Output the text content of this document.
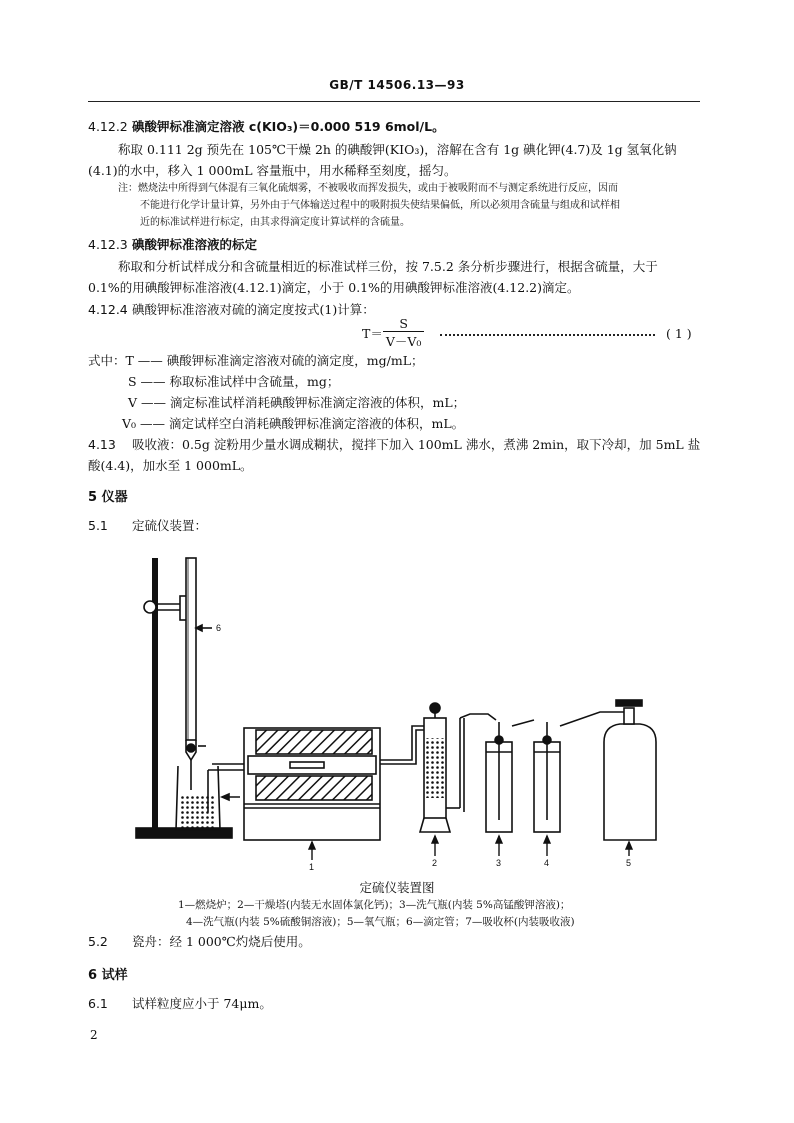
GB/T 14506.13—93
4.12.2 碘酸钾标准滴定溶液 c(KIO₃)＝0.000 519 6mol/L。
称取 0.111 2g 预先在 105℃干燥 2h 的碘酸钾(KIO₃)，溶解在含有 1g 碘化钾(4.7)及 1g 氢氧化钠
(4.1)的水中，移入 1 000mL 容量瓶中，用水稀释至刻度，摇匀。
注：燃烧法中所得到气体混有三氧化硫烟雾，不被吸收而挥发损失，或由于被吸附而不与测定系统进行反应，因而
不能进行化学计量计算，另外由于气体输送过程中的吸附损失使结果偏低，所以必须用含硫量与组成和试样相
近的标准试样进行标定，由其求得滴定度计算试样的含硫量。
4.12.3 碘酸钾标准溶液的标定
称取和分析试样成分和含硫量相近的标准试样三份，按 7.5.2 条分析步骤进行，根据含硫量，大于
0.1%的用碘酸钾标准溶液(4.12.1)滴定，小于 0.1%的用碘酸钾标准溶液(4.12.2)滴定。
4.12.4 碘酸钾标准溶液对硫的滴定度按式(1)计算：
$T= \frac{S}{\text{V－V₀}}$	( 1 )
式中：T —— 碘酸钾标准滴定溶液对硫的滴定度，mg/mL；
S —— 称取标准试样中含硫量，mg；
V —— 滴定标准试样消耗碘酸钾标准滴定溶液的体积，mL；
V₀ —— 滴定试样空白消耗碘酸钾标准滴定溶液的体积，mL。
4.13 吸收液：0.5g 淀粉用少量水调成糊状，搅拌下加入 100mL 沸水，煮沸 2min，取下冷却，加 5mL 盐
酸(4.4)，加水至 1 000mL。
5 仪器
5.1 定硫仪装置：
1	2	3	4	5
6
定硫仪装置图
1—燃烧炉；2—干燥塔(内装无水固体氯化钙)；3—洗气瓶(内装 5%高锰酸钾溶液)；
4—洗气瓶(内装 5%硫酸铜溶液)；5—氧气瓶；6—滴定管；7—吸收杯(内装吸收液)
5.2 瓷舟：经 1 000℃灼烧后使用。
6 试样
6.1 试样粒度应小于 74μm。
2
